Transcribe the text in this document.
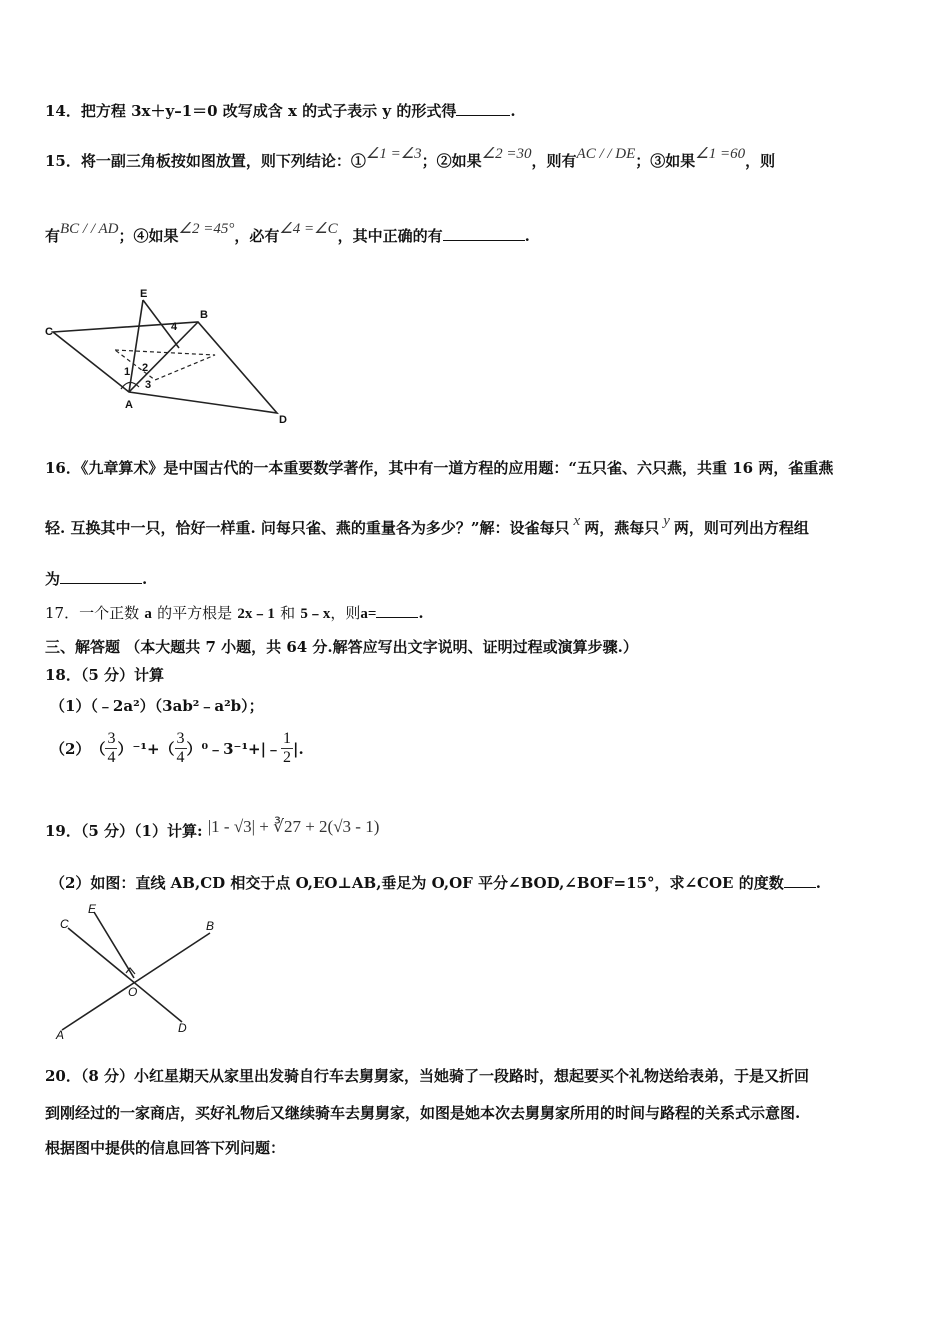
14．把方程 3x＋y–1＝0 改写成含 x 的式子表示 y 的形式得	.
15．将一副三角板按如图放置，则下列结论：①∠1 =∠3；②如果∠2 =30，则有AC / / DE；③如果∠1 =60，则
有BC / / AD；④如果∠2 =45°，必有∠4 =∠C，其中正确的有	.
E
B
C
1 2
3
4
A
D
16．《九章算术》是中国古代的一本重要数学著作，其中有一道方程的应用题：“五只雀、六只燕，共重 16 两，雀重燕
轻. 互换其中一只，恰好一样重. 问每只雀、燕的重量各为多少？”解：设雀每只 x 两，燕每只 y 两，则可列出方程组
为	.
17．一个正数 a 的平方根是 2x﹣1 和 5﹣x，则a=	.
三、解答题 （本大题共 7 小题，共 64 分.解答应写出文字说明、证明过程或演算步骤.）
18．（5 分）计算
（1）（﹣2a²）（3ab²﹣a²b）；
（2） （ $\frac{3}{4} )^{-1}+( \frac{3}{4}$ ）⁰﹣3⁻¹+|﹣ $\frac{1}{2}$ |.
19．（5 分）（1）计算: |1 - √3| + ∛27 + 2(√3 - 1)
（2）如图：直线 AB,CD 相交于点 O,EO⊥AB,垂足为 O,OF 平分∠BOD,∠BOF=15°，求∠COE 的度数 .
C
E
B
O
A	D
20．（8 分）小红星期天从家里出发骑自行车去舅舅家，当她骑了一段路时，想起要买个礼物送给表弟，于是又折回
到刚经过的一家商店，买好礼物后又继续骑车去舅舅家，如图是她本次去舅舅家所用的时间与路程的关系式示意图.
根据图中提供的信息回答下列问题：
